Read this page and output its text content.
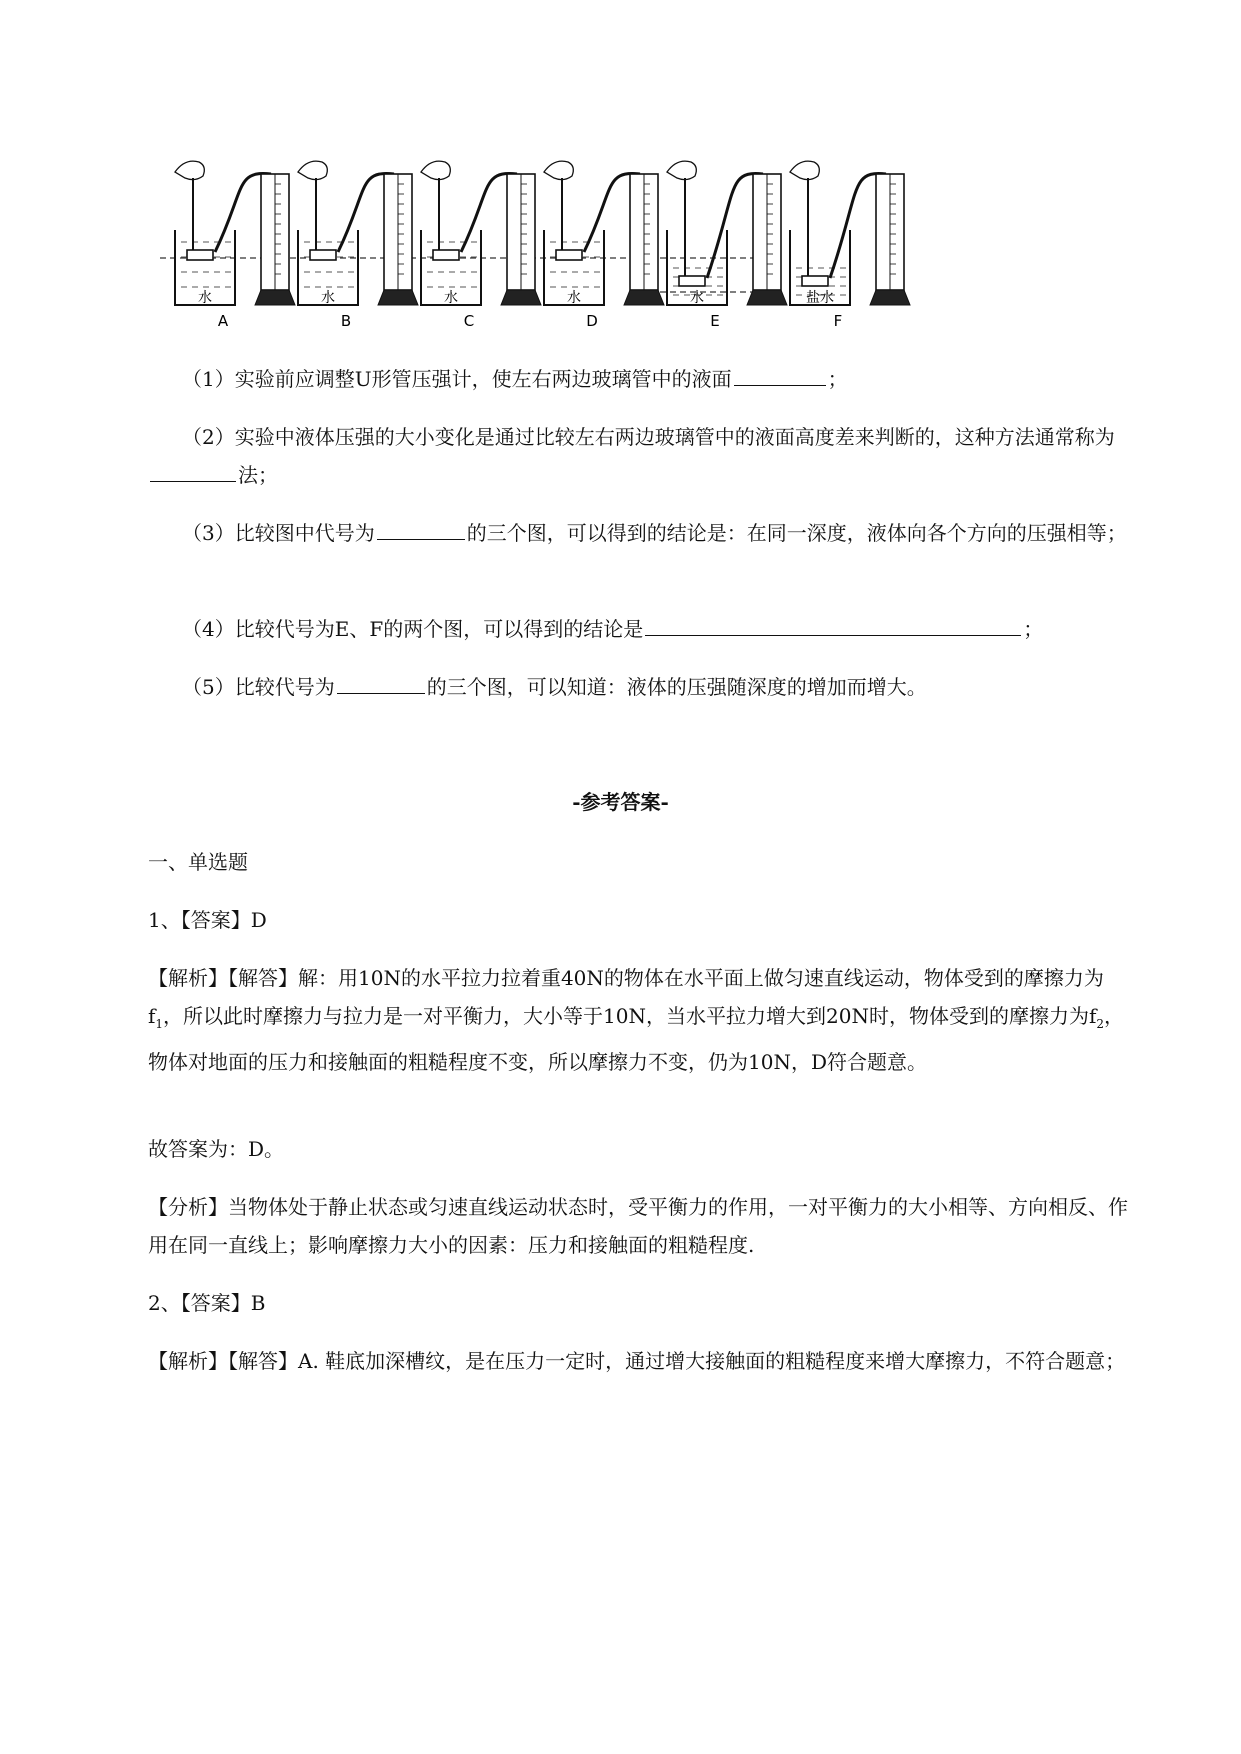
水
A
水
B
水
C
水
D
水
E
盐水
F
（1）实验前应调整U形管压强计，使左右两边玻璃管中的液面	；
（2）实验中液体压强的大小变化是通过比较左右两边玻璃管中的液面高度差来判断的，这种方法通常称为法；
（3）比较图中代号为	的三个图，可以得到的结论是：在同一深度，液体向各个方向的压强相等；
（4）比较代号为E、F的两个图，可以得到的结论是	；
（5）比较代号为	的三个图，可以知道：液体的压强随深度的增加而增大。
-参考答案-
一、单选题
1、【答案】D
【解析】【解答】解：用10N的水平拉力拉着重40N的物体在水平面上做匀速直线运动，物体受到的摩擦力为$f_1$，所以此时摩擦力与拉力是一对平衡力，大小等于10N，当水平拉力增大到20N时，物体受到的摩擦力为$f_2$，物体对地面的压力和接触面的粗糙程度不变，所以摩擦力不变，仍为10N，D符合题意。
故答案为：D。
【分析】当物体处于静止状态或匀速直线运动状态时，受平衡力的作用，一对平衡力的大小相等、方向相反、作用在同一直线上；影响摩擦力大小的因素：压力和接触面的粗糙程度.
2、【答案】B
【解析】【解答】A. 鞋底加深槽纹，是在压力一定时，通过增大接触面的粗糙程度来增大摩擦力，不符合题意；
